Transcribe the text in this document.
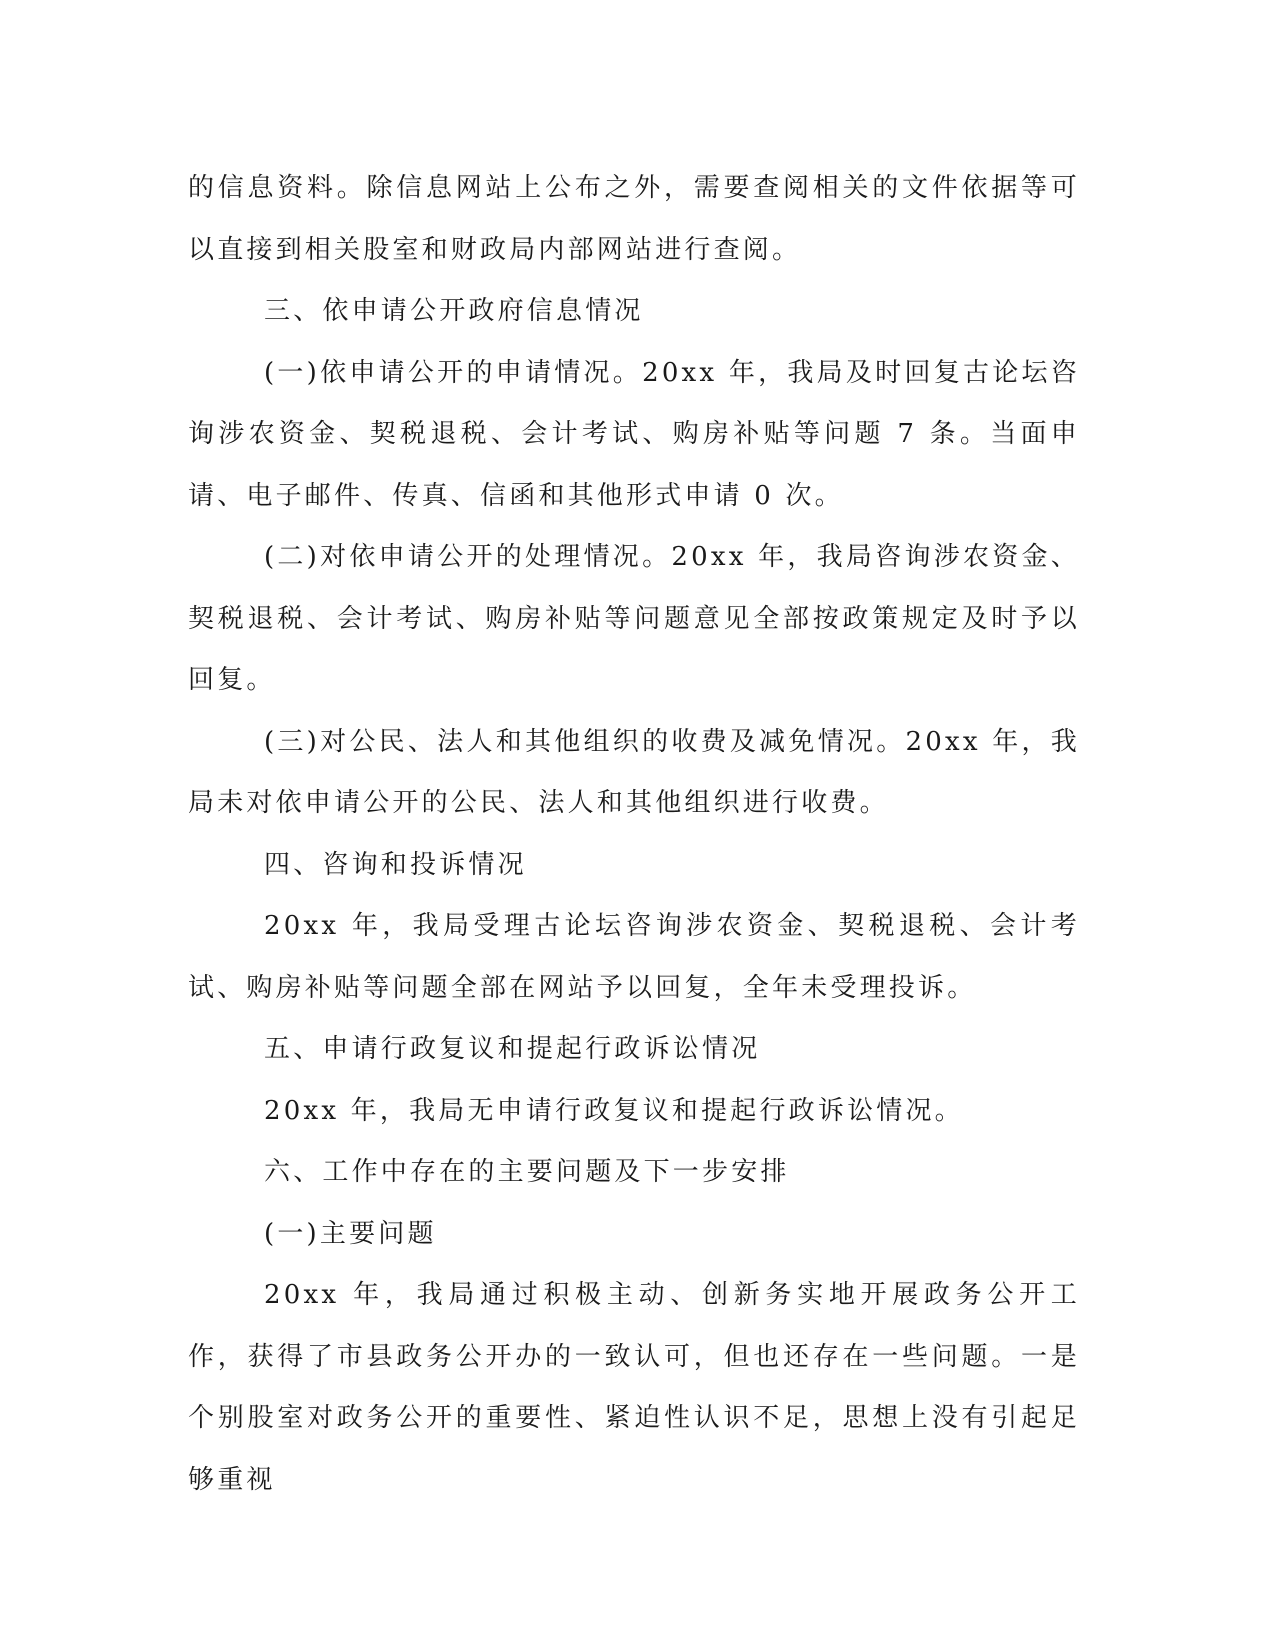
的信息资料。除信息网站上公布之外，需要查阅相关的文件依据等可以直接到相关股室和财政局内部网站进行查阅。

三、依申请公开政府信息情况

(一)依申请公开的申请情况。20xx 年，我局及时回复古论坛咨询涉农资金、契税退税、会计考试、购房补贴等问题 7 条。当面申请、电子邮件、传真、信函和其他形式申请 0 次。

(二)对依申请公开的处理情况。20xx 年，我局咨询涉农资金、契税退税、会计考试、购房补贴等问题意见全部按政策规定及时予以回复。

(三)对公民、法人和其他组织的收费及减免情况。20xx 年，我局未对依申请公开的公民、法人和其他组织进行收费。

四、咨询和投诉情况

20xx 年，我局受理古论坛咨询涉农资金、契税退税、会计考试、购房补贴等问题全部在网站予以回复，全年未受理投诉。

五、申请行政复议和提起行政诉讼情况

20xx 年，我局无申请行政复议和提起行政诉讼情况。

六、工作中存在的主要问题及下一步安排

(一)主要问题

20xx 年，我局通过积极主动、创新务实地开展政务公开工作，获得了市县政务公开办的一致认可，但也还存在一些问题。一是个别股室对政务公开的重要性、紧迫性认识不足，思想上没有引起足够重视
